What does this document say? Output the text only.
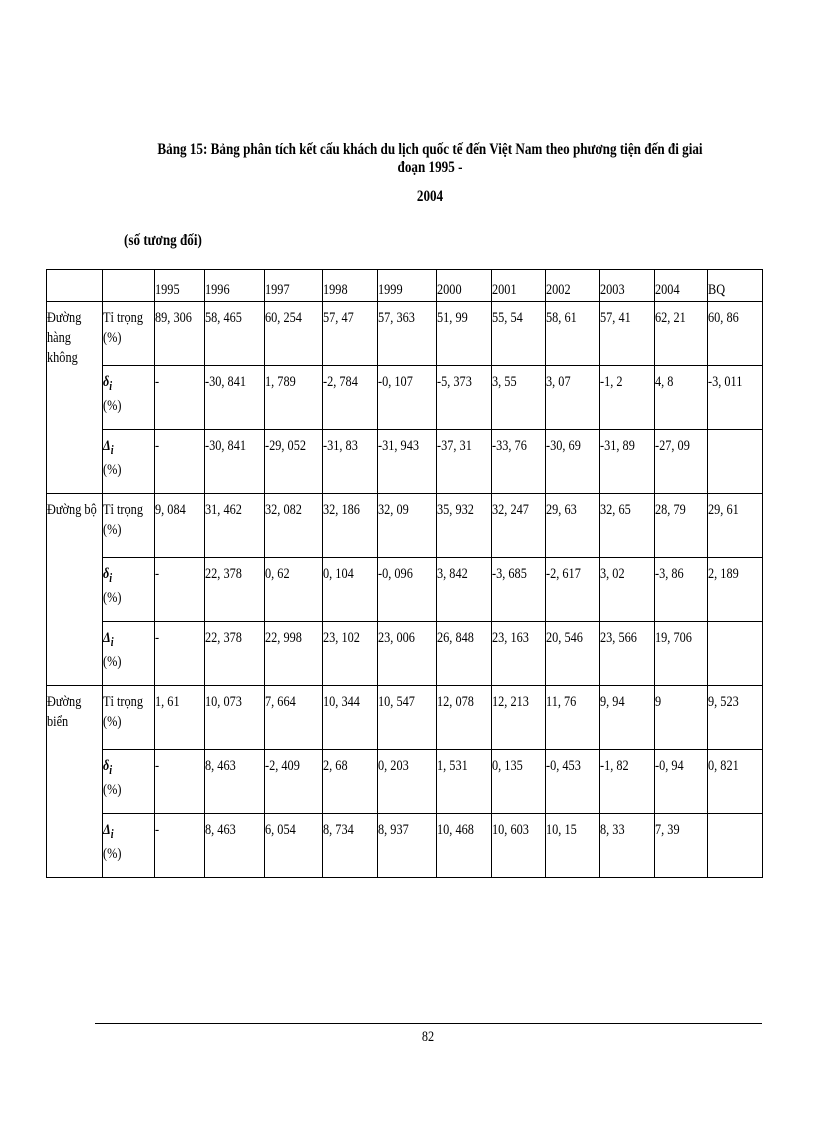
Bảng 15: Bảng phân tích kết cấu khách du lịch quốc tế đến Việt Nam theo phương tiện đến đi giai đoạn 1995 -
2004
(số tương đối)
		1995	1996	1997	1998	1999	2000	2001	2002	2003	2004	BQ
Đường hàng không	Tỉ trọng
(%)	89, 306	58, 465	60, 254	57, 47	57, 363	51, 99	55, 54	58, 61	57, 41	62, 21	60, 86
	$\delta_i$
(%)	-	-30, 841	1, 789	-2, 784	-0, 107	-5, 373	3, 55	3, 07	-1, 2	4, 8	-3, 011
	$\Delta_i$
(%)	-	-30, 841	-29, 052	-31, 83	-31, 943	-37, 31	-33, 76	-30, 69	-31, 89	-27, 09	
Đường bộ	Tỉ trọng
(%)	9, 084	31, 462	32, 082	32, 186	32, 09	35, 932	32, 247	29, 63	32, 65	28, 79	29, 61
	$\delta_i$
(%)	-	22, 378	0, 62	0, 104	-0, 096	3, 842	-3, 685	-2, 617	3, 02	-3, 86	2, 189
	$\Delta_i$
(%)	-	22, 378	22, 998	23, 102	23, 006	26, 848	23, 163	20, 546	23, 566	19, 706	
Đường biển	Tỉ trọng
(%)	1, 61	10, 073	7, 664	10, 344	10, 547	12, 078	12, 213	11, 76	9, 94	9	9, 523
	$\delta_i$
(%)	-	8, 463	-2, 409	2, 68	0, 203	1, 531	0, 135	-0, 453	-1, 82	-0, 94	0, 821
	$\Delta_i$
(%)	-	8, 463	6, 054	8, 734	8, 937	10, 468	10, 603	10, 15	8, 33	7, 39	
82
